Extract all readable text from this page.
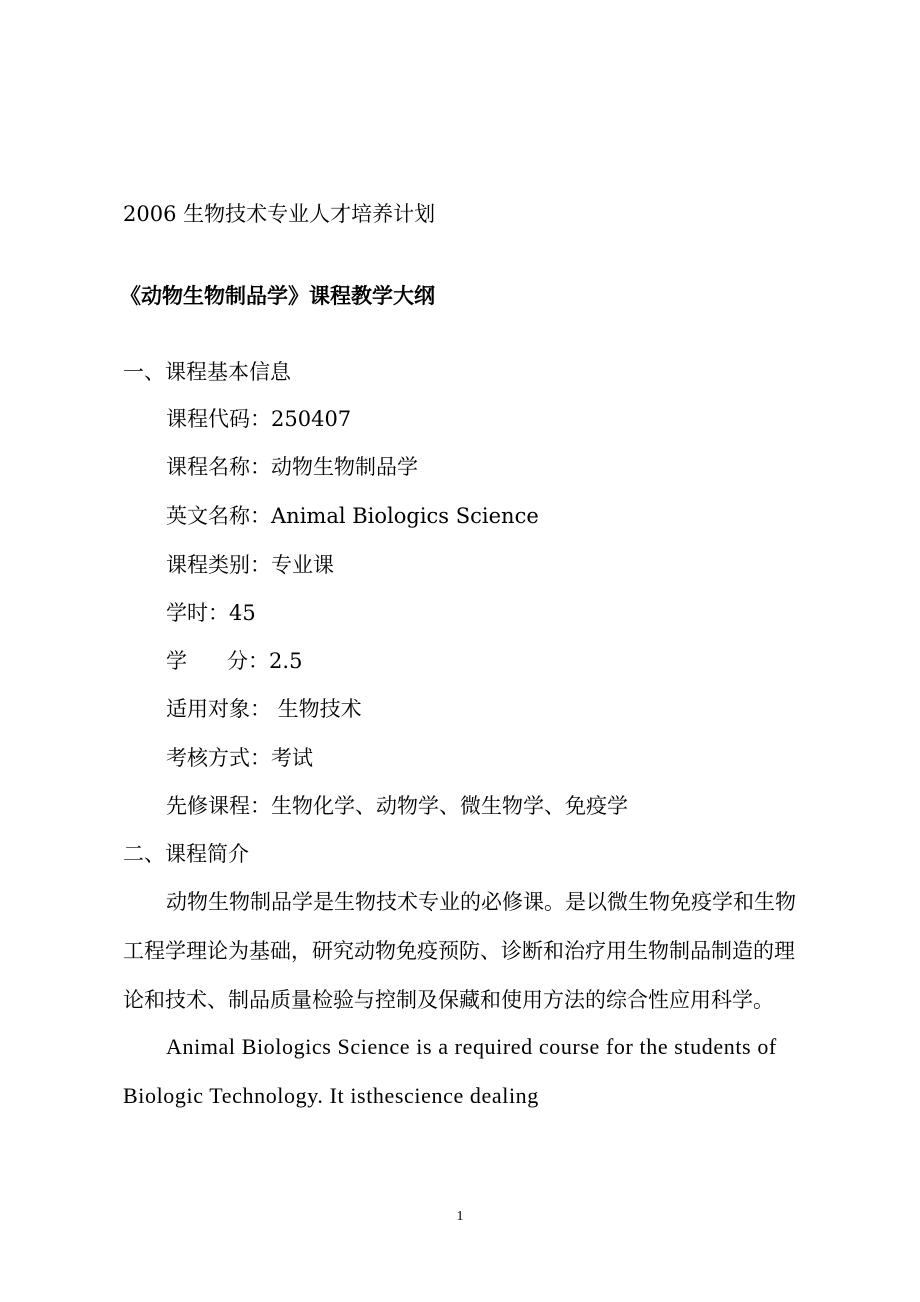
2006 生物技术专业人才培养计划
《动物生物制品学》课程教学大纲
一、课程基本信息
课程代码：250407
课程名称：动物生物制品学
英文名称：Animal Biologics Science
课程类别：专业课
学时：45
学      分：2.5
适用对象： 生物技术
考核方式：考试
先修课程：生物化学、动物学、微生物学、免疫学
二、课程简介
动物生物制品学是生物技术专业的必修课。是以微生物免疫学和生物工程学理论为基础，研究动物免疫预防、诊断和治疗用生物制品制造的理论和技术、制品质量检验与控制及保藏和使用方法的综合性应用科学。
Animal Biologics Science is a required course for the students of Biologic Technology. It isthescience dealing
1
